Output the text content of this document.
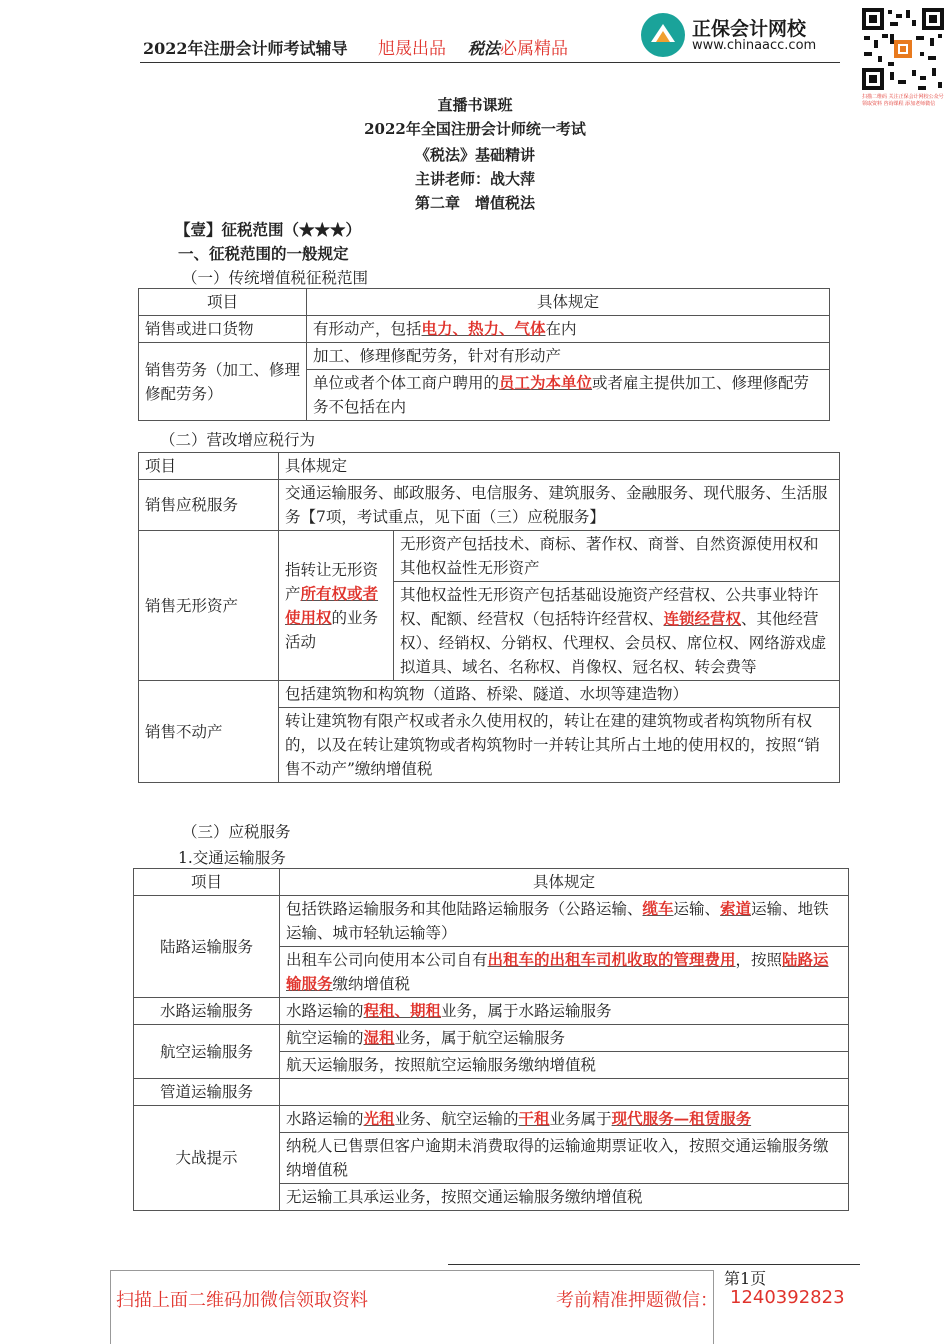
2022年注册会计师考试辅导 旭晟出品 税法 必属精品
正保会计网校
www.chinaacc.com
扫描二维码 关注正保会计网校公众号
领取资料 咨询课程 添加老师微信
直播书课班
2022年全国注册会计师统一考试
《税法》基础精讲
主讲老师：战大萍
第二章　增值税法
【壹】征税范围（★★★）
一、征税范围的一般规定
（一）传统增值税征税范围
项目	具体规定
销售或进口货物	有形动产，包括电力、热力、气体在内
销售劳务（加工、修理修配劳务）	加工、修理修配劳务，针对有形动产
	单位或者个体工商户聘用的员工为本单位或者雇主提供加工、修理修配劳务不包括在内
（二）营改增应税行为
项目	具体规定	
销售应税服务	交通运输服务、邮政服务、电信服务、建筑服务、金融服务、现代服务、生活服务【7项，考试重点，见下面（三）应税服务】	
销售无形资产	指转让无形资产所有权或者使用权的业务活动	无形资产包括技术、商标、著作权、商誉、自然资源使用权和其他权益性无形资产
		其他权益性无形资产包括基础设施资产经营权、公共事业特许权、配额、经营权（包括特许经营权、连锁经营权、其他经营权）、经销权、分销权、代理权、会员权、席位权、网络游戏虚拟道具、域名、名称权、肖像权、冠名权、转会费等
销售不动产	包括建筑物和构筑物（道路、桥梁、隧道、水坝等建造物）	
	转让建筑物有限产权或者永久使用权的，转让在建的建筑物或者构筑物所有权的，以及在转让建筑物或者构筑物时一并转让其所占土地的使用权的，按照“销售不动产”缴纳增值税	
（三）应税服务
1.交通运输服务
项目	具体规定
陆路运输服务	包括铁路运输服务和其他陆路运输服务（公路运输、缆车运输、索道运输、地铁运输、城市轻轨运输等）
	出租车公司向使用本公司自有出租车的出租车司机收取的管理费用，按照陆路运输服务缴纳增值税
水路运输服务	水路运输的程租、期租业务，属于水路运输服务
航空运输服务	航空运输的湿租业务，属于航空运输服务
	航天运输服务，按照航空运输服务缴纳增值税
管道运输服务	
大战提示	水路运输的光租业务、航空运输的干租业务属于现代服务—租赁服务
	纳税人已售票但客户逾期未消费取得的运输逾期票证收入，按照交通运输服务缴纳增值税
	无运输工具承运业务，按照交通运输服务缴纳增值税
第1页
扫描上面二维码加微信领取资料	考前精准押题微信： 1240392823
